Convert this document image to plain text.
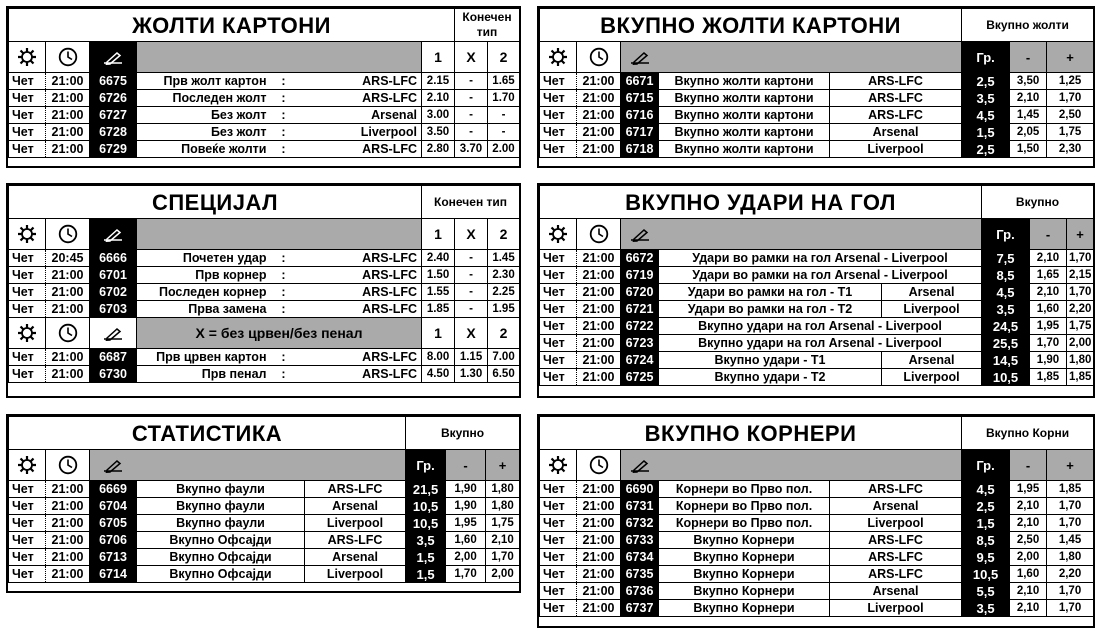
ЖОЛТИ КАРТОНИ							Конечен тип	
				1	X	2
Чет	21:00	6675	Прв жолт картон	:	ARS-LFC	2.15	-	1.65
Чет	21:00	6726	Последен жолт	:	ARS-LFC	2.10	-	1.70
Чет	21:00	6727	Без жолт	:	Arsenal	3.00	-	-
Чет	21:00	6728	Без жолт	:	Liverpool	3.50	-	-
Чет	21:00	6729	Повеќе жолти	:	ARS-LFC	2.80	3.70	2.00
СПЕЦИЈАЛ						Конечен тип		
				1	X	2
Чет	20:45	6666	Почетен удар	:	ARS-LFC	2.40	-	1.45
Чет	21:00	6701	Прв корнер	:	ARS-LFC	1.50	-	2.30
Чет	21:00	6702	Последен корнер	:	ARS-LFC	1.55	-	2.25
Чет	21:00	6703	Прва замена	:	ARS-LFC	1.85	-	1.95
			X = без црвен/без пенал			1	X	2
Чет	21:00	6687	Прв црвен картон	:	ARS-LFC	8.00	1.15	7.00
Чет	21:00	6730	Прв пенал	:	ARS-LFC	4.50	1.30	6.50
СТАТИСТИКА					Вкупно		
				Гр.	-	+
Чет	21:00	6669	Вкупно фаули	ARS-LFC	21,5	1,90	1,80
Чет	21:00	6704	Вкупно фаули	Arsenal	10,5	1,90	1,80
Чет	21:00	6705	Вкупно фаули	Liverpool	10,5	1,95	1,75
Чет	21:00	6706	Вкупно Офсајди	ARS-LFC	3,5	1,60	2,10
Чет	21:00	6713	Вкупно Офсајди	Arsenal	1,5	2,00	1,70
Чет	21:00	6714	Вкупно Офсајди	Liverpool	1,5	1,70	2,00
ВКУПНО ЖОЛТИ КАРТОНИ					Вкупно жолти		
				Гр.	-	+
Чет	21:00	6671	Вкупно жолти картони	ARS-LFC	2,5	3,50	1,25
Чет	21:00	6715	Вкупно жолти картони	ARS-LFC	3,5	2,10	1,70
Чет	21:00	6716	Вкупно жолти картони	ARS-LFC	4,5	1,45	2,50
Чет	21:00	6717	Вкупно жолти картони	Arsenal	1,5	2,05	1,75
Чет	21:00	6718	Вкупно жолти картони	Liverpool	2,5	1,50	2,30
ВКУПНО УДАРИ НА ГОЛ					Вкупно		
				Гр.	-	+
Чет	21:00	6672	Удари во рамки на гол Arsenal - Liverpool		7,5	2,10	1,70
Чет	21:00	6719	Удари во рамки на гол Arsenal - Liverpool		8,5	1,65	2,15
Чет	21:00	6720	Удари во рамки на гол - Т1	Arsenal	4,5	2,10	1,70
Чет	21:00	6721	Удари во рамки на гол - Т2	Liverpool	3,5	1,60	2,20
Чет	21:00	6722	Вкупно удари на гол Arsenal - Liverpool		24,5	1,95	1,75
Чет	21:00	6723	Вкупно удари на гол Arsenal - Liverpool		25,5	1,70	2,00
Чет	21:00	6724	Вкупно удари - Т1	Arsenal	14,5	1,90	1,80
Чет	21:00	6725	Вкупно удари - Т2	Liverpool	10,5	1,85	1,85
ВКУПНО КОРНЕРИ					Вкупно Корни		
				Гр.	-	+
Чет	21:00	6690	Корнери во Прво пол.	ARS-LFC	4,5	1,95	1,85
Чет	21:00	6731	Корнери во Прво пол.	Arsenal	2,5	2,10	1,70
Чет	21:00	6732	Корнери во Прво пол.	Liverpool	1,5	2,10	1,70
Чет	21:00	6733	Вкупно Корнери	ARS-LFC	8,5	2,50	1,45
Чет	21:00	6734	Вкупно Корнери	ARS-LFC	9,5	2,00	1,80
Чет	21:00	6735	Вкупно Корнери	ARS-LFC	10,5	1,60	2,20
Чет	21:00	6736	Вкупно Корнери	Arsenal	5,5	2,10	1,70
Чет	21:00	6737	Вкупно Корнери	Liverpool	3,5	2,10	1,70
